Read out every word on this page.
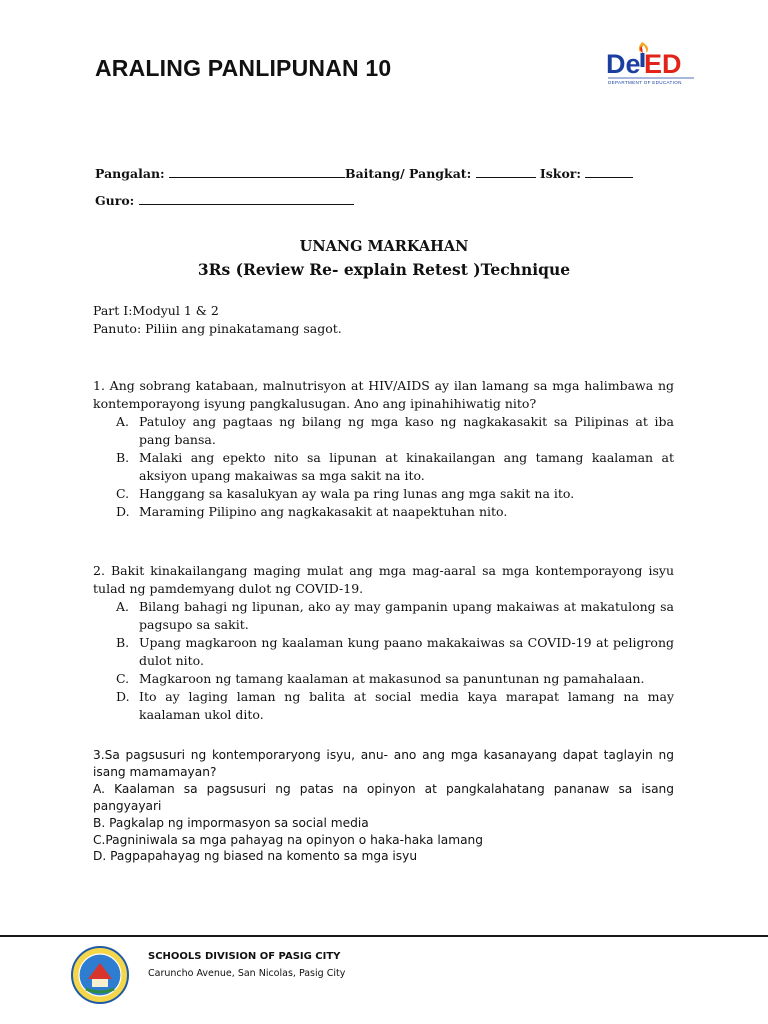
ARALING PANLIPUNAN 10	De ED
DEPARTMENT OF EDUCATION
Pangalan:	Baitang/ Pangkat:	Iskor:
Guro:
UNANG MARKAHAN
3Rs (Review Re- explain Retest )Technique
Part I:Modyul 1 & 2
Panuto: Piliin ang pinakatamang sagot.
1. Ang sobrang katabaan, malnutrisyon at HIV/AIDS ay ilan lamang sa mga halimbawa ng kontemporayong isyung pangkalusugan. Ano ang ipinahihiwatig nito?
A. Patuloy ang pagtaas ng bilang ng mga kaso ng nagkakasakit sa Pilipinas at iba pang bansa.
B. Malaki ang epekto nito sa lipunan at kinakailangan ang tamang kaalaman at aksiyon upang makaiwas sa mga sakit na ito.
C. Hanggang sa kasalukyan ay wala pa ring lunas ang mga sakit na ito.
D. Maraming Pilipino ang nagkakasakit at naapektuhan nito.
2. Bakit kinakailangang maging mulat ang mga mag-aaral sa mga kontemporayong isyu tulad ng pamdemyang dulot ng COVID-19.
A. Bilang bahagi ng lipunan, ako ay may gampanin upang makaiwas at makatulong sa pagsupo sa sakit.
B. Upang magkaroon ng kaalaman kung paano makakaiwas sa COVID-19 at peligrong dulot nito.
C. Magkaroon ng tamang kaalaman at makasunod sa panuntunan ng pamahalaan.
D. Ito ay laging laman ng balita at social media kaya marapat lamang na may kaalaman ukol dito.
3.Sa pagsusuri ng kontemporaryong isyu, anu- ano ang mga kasanayang dapat taglayin ng isang mamamayan?
A. Kaalaman sa pagsusuri ng patas na opinyon at pangkalahatang pananaw sa isang pangyayari
B. Pagkalap ng impormasyon sa social media
C.Pagniniwala sa mga pahayag na opinyon o haka-haka lamang
D. Pagpapahayag ng biased na komento sa mga isyu
SCHOOLS DIVISION OF PASIG CITY
Caruncho Avenue, San Nicolas, Pasig City
